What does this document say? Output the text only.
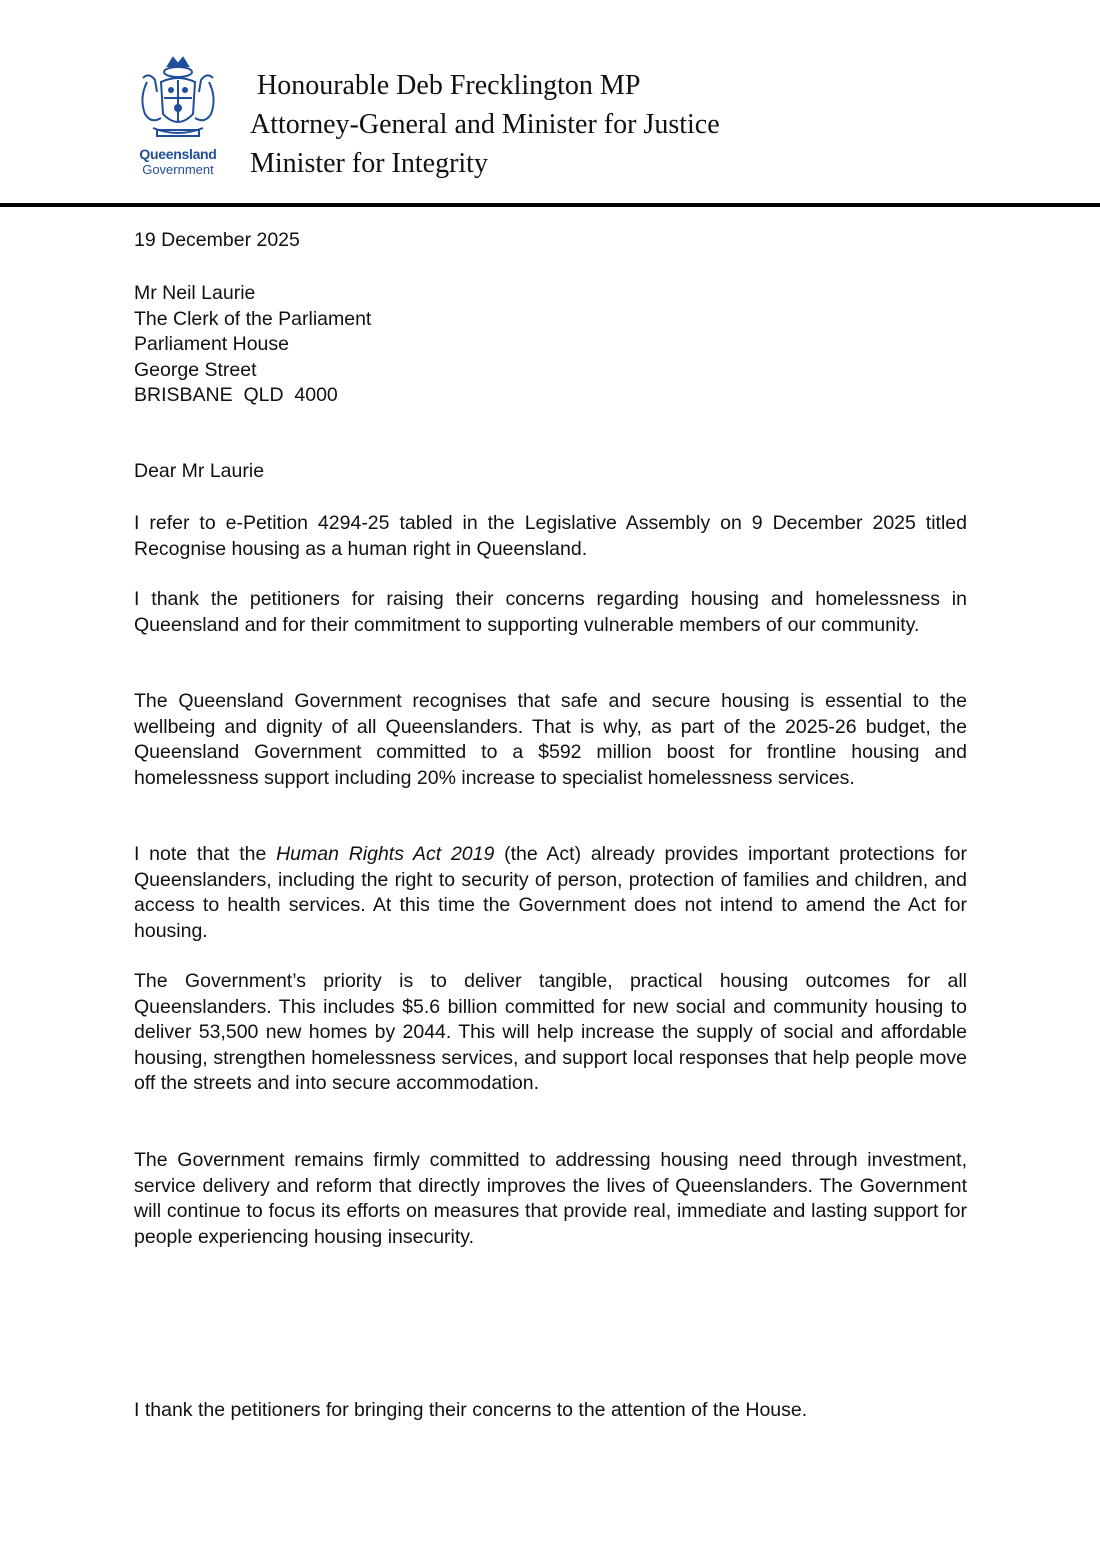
Queensland
Government
Honourable Deb Frecklington MP
Attorney-General and Minister for Justice
Minister for Integrity
19 December 2025
Mr Neil Laurie
The Clerk of the Parliament
Parliament House
George Street
BRISBANE  QLD  4000
Dear Mr Laurie
I refer to e-Petition 4294-25 tabled in the Legislative Assembly on 9 December 2025 titled Recognise housing as a human right in Queensland.
I thank the petitioners for raising their concerns regarding housing and homelessness in Queensland and for their commitment to supporting vulnerable members of our community.
The Queensland Government recognises that safe and secure housing is essential to the wellbeing and dignity of all Queenslanders. That is why, as part of the 2025-26 budget, the Queensland Government committed to a $592 million boost for frontline housing and homelessness support including 20% increase to specialist homelessness services.
I note that the Human Rights Act 2019 (the Act) already provides important protections for Queenslanders, including the right to security of person, protection of families and children, and access to health services. At this time the Government does not intend to amend the Act for housing.
The Government’s priority is to deliver tangible, practical housing outcomes for all Queenslanders. This includes $5.6 billion committed for new social and community housing to deliver 53,500 new homes by 2044. This will help increase the supply of social and affordable housing, strengthen homelessness services, and support local responses that help people move off the streets and into secure accommodation.
The Government remains firmly committed to addressing housing need through investment, service delivery and reform that directly improves the lives of Queenslanders. The Government will continue to focus its efforts on measures that provide real, immediate and lasting support for people experiencing housing insecurity.
I thank the petitioners for bringing their concerns to the attention of the House.
